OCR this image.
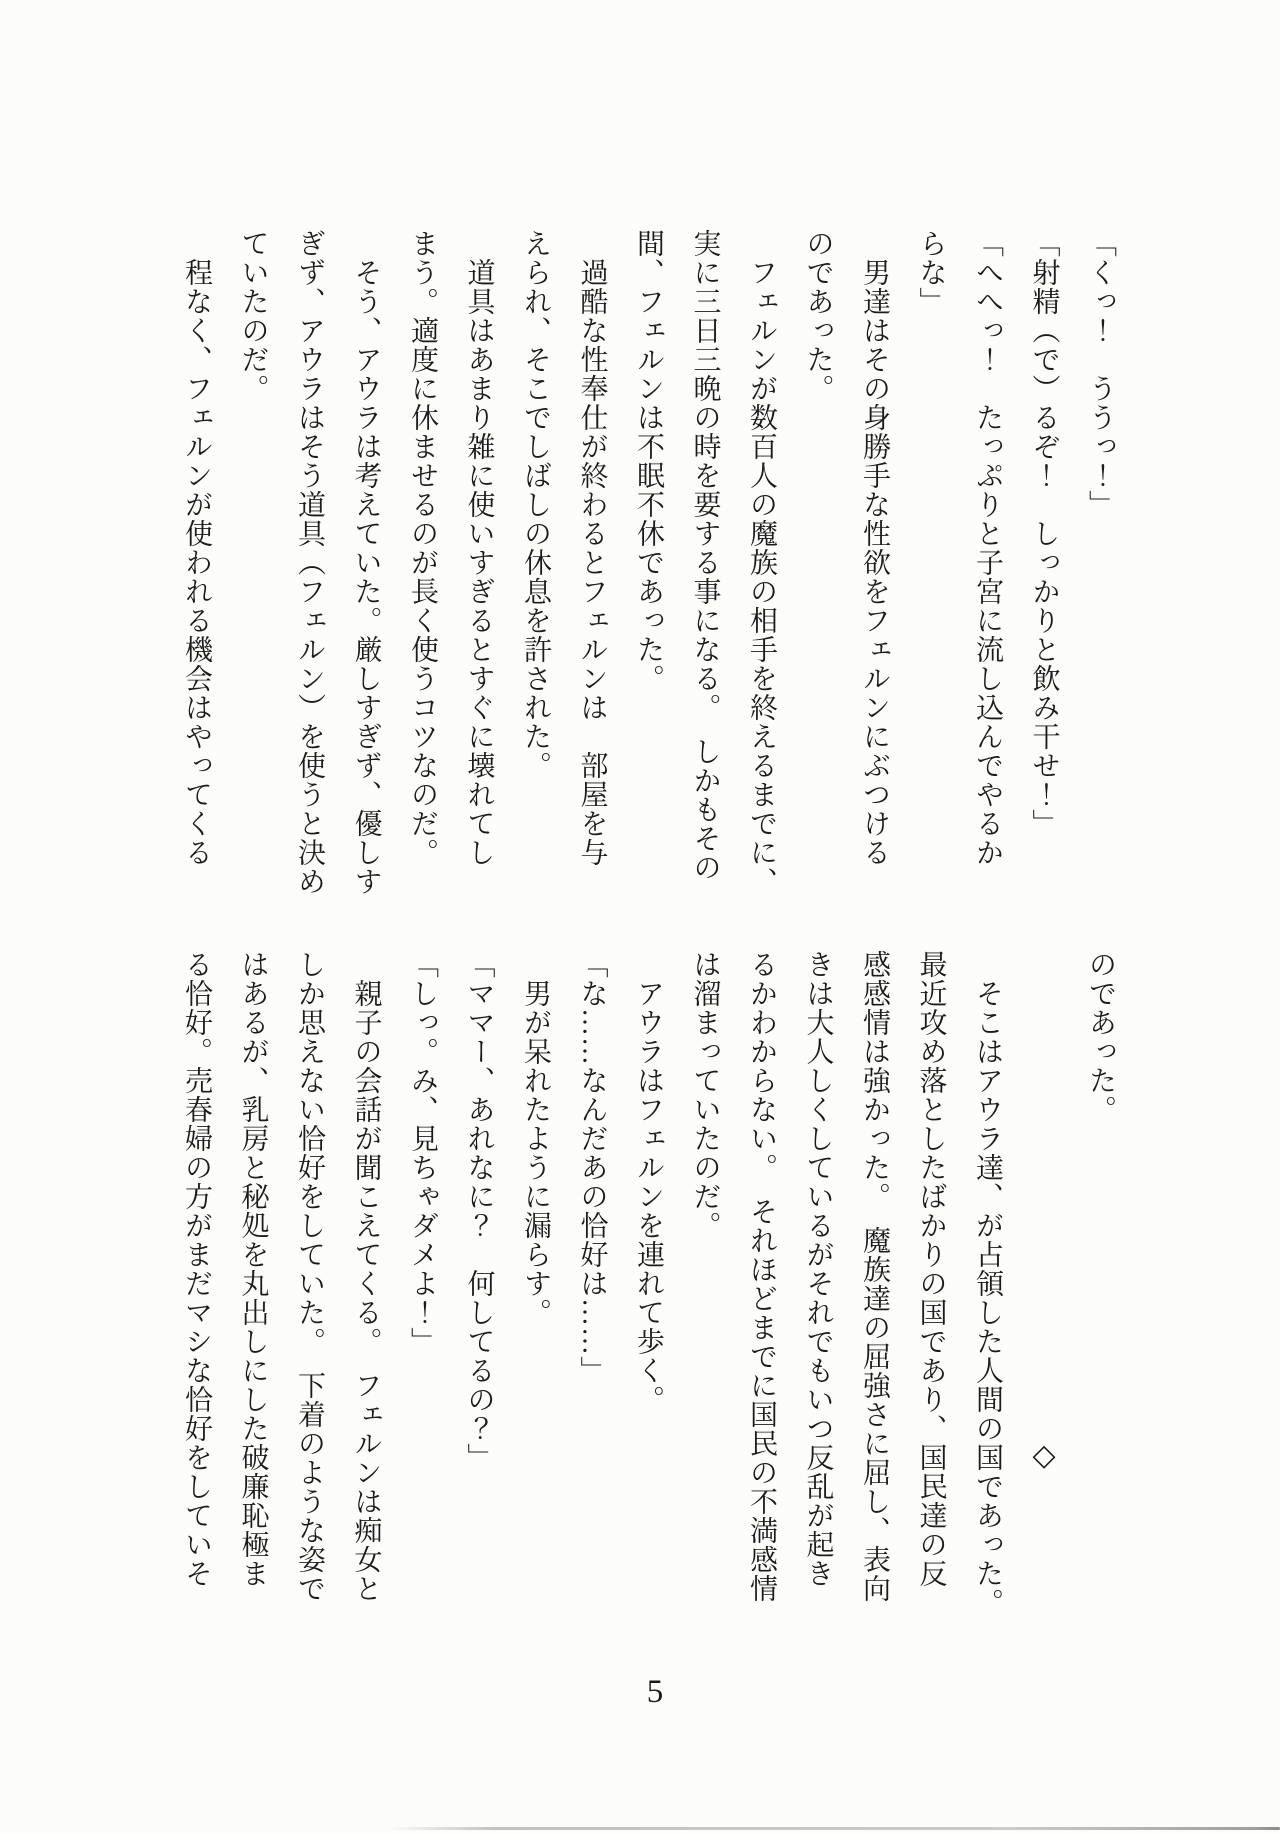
「くっ！　ううっ！」
「射精（で）るぞ！　しっかりと飲み干せ！」
「へへっ！　たっぷりと子宮に流し込んでやるか
らな」
　男達はその身勝手な性欲をフェルンにぶつける
のであった。
　フェルンが数百人の魔族の相手を終えるまでに、
実に三日三晩の時を要する事になる。　しかもその
間、フェルンは不眠不休であった。
　過酷な性奉仕が終わるとフェルンは　部屋を与
えられ、そこでしばしの休息を許された。
　道具はあまり雑に使いすぎるとすぐに壊れてし
まう。適度に休ませるのが長く使うコツなのだ。
　そう、アウラは考えていた。厳しすぎず、優しす
ぎず、アウラはそう道具（フェルン）を使うと決め
ていたのだ。
　程なく、フェルンが使われる機会はやってくる
のであった。
◇
　そこはアウラ達、が占領した人間の国であった。
最近攻め落としたばかりの国であり、国民達の反
感感情は強かった。　魔族達の屈強さに屈し、表向
きは大人しくしているがそれでもいつ反乱が起き
るかわからない。　それほどまでに国民の不満感情
は溜まっていたのだ。
　アウラはフェルンを連れて歩く。
「な……なんだあの恰好は……」
　男が呆れたように漏らす。
「ママー、あれなに？　何してるの？」
「しっ。み、見ちゃダメよ！」
　親子の会話が聞こえてくる。　フェルンは痴女と
しか思えない恰好をしていた。　下着のような姿で
はあるが、乳房と秘処を丸出しにした破廉恥極ま
る恰好。売春婦の方がまだマシな恰好をしていそ
5
